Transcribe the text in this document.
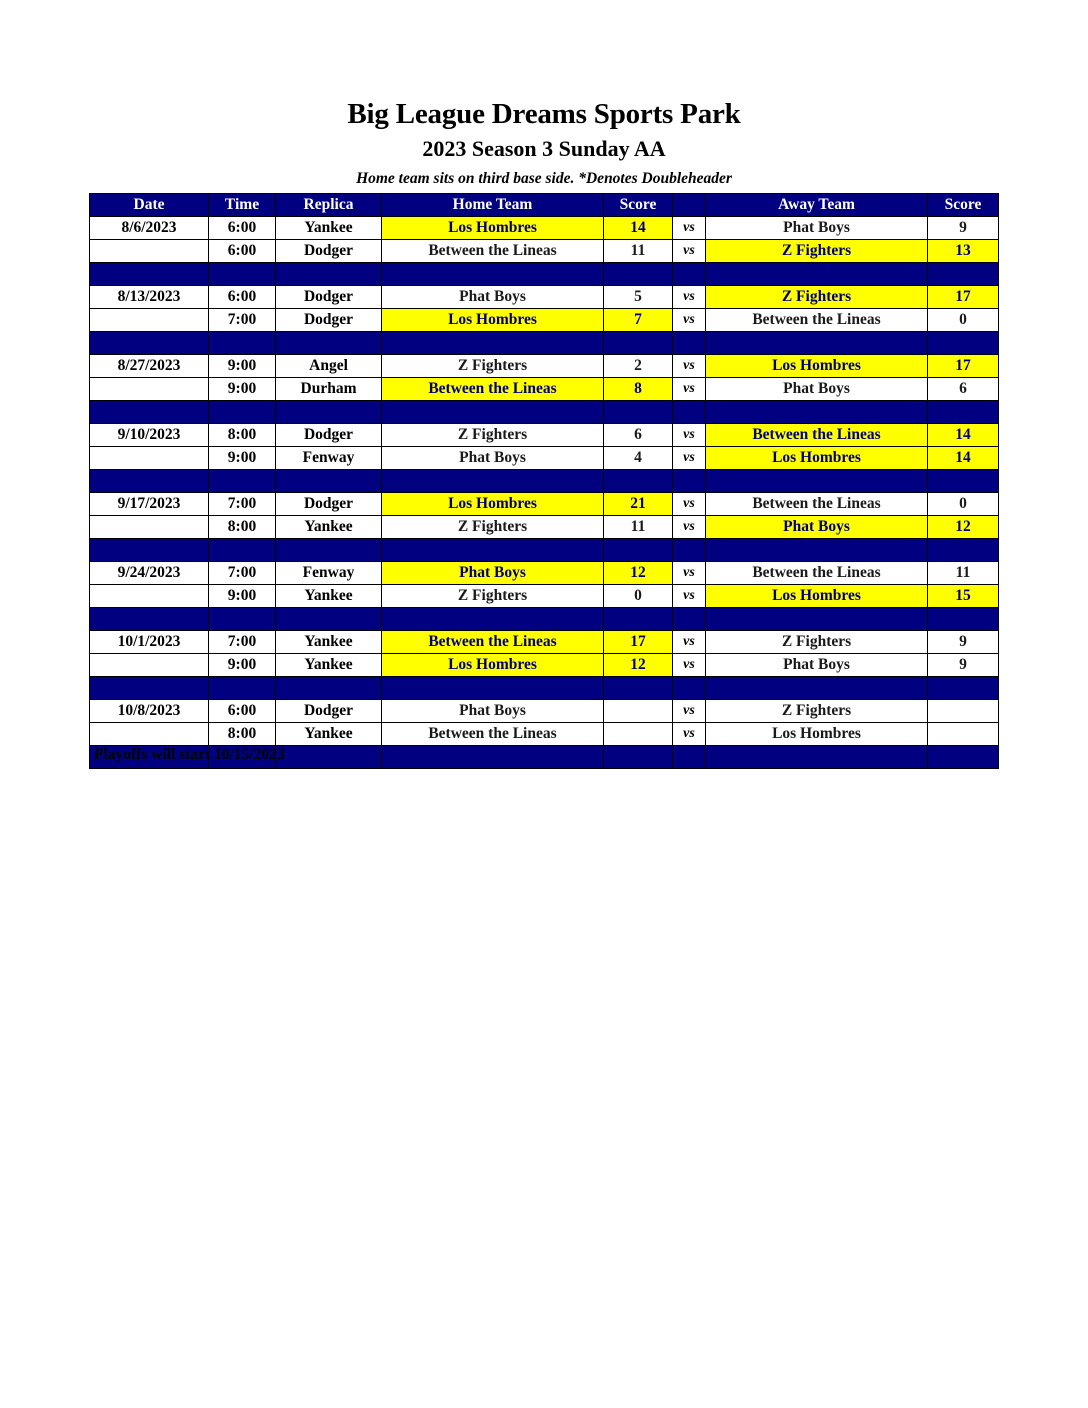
Big League Dreams Sports Park
2023 Season 3 Sunday AA
Home team sits on third base side. *Denotes Doubleheader
Date	Time	Replica	Home Team	Score		Away Team	Score
8/6/2023	6:00	Yankee	Los Hombres	14	vs	Phat Boys	9
	6:00	Dodger	Between the Lineas	11	vs	Z Fighters	13

8/13/2023	6:00	Dodger	Phat Boys	5	vs	Z Fighters	17
	7:00	Dodger	Los Hombres	7	vs	Between the Lineas	0

8/27/2023	9:00	Angel	Z Fighters	2	vs	Los Hombres	17
	9:00	Durham	Between the Lineas	8	vs	Phat Boys	6

9/10/2023	8:00	Dodger	Z Fighters	6	vs	Between the Lineas	14
	9:00	Fenway	Phat Boys	4	vs	Los Hombres	14

9/17/2023	7:00	Dodger	Los Hombres	21	vs	Between the Lineas	0
	8:00	Yankee	Z Fighters	11	vs	Phat Boys	12

9/24/2023	7:00	Fenway	Phat Boys	12	vs	Between the Lineas	11
	9:00	Yankee	Z Fighters	0	vs	Los Hombres	15

10/1/2023	7:00	Yankee	Between the Lineas	17	vs	Z Fighters	9
	9:00	Yankee	Los Hombres	12	vs	Phat Boys	9

10/8/2023	6:00	Dodger	Phat Boys		vs	Z Fighters	
	8:00	Yankee	Between the Lineas		vs	Los Hombres	

Playoffs will start 10/15/2023
